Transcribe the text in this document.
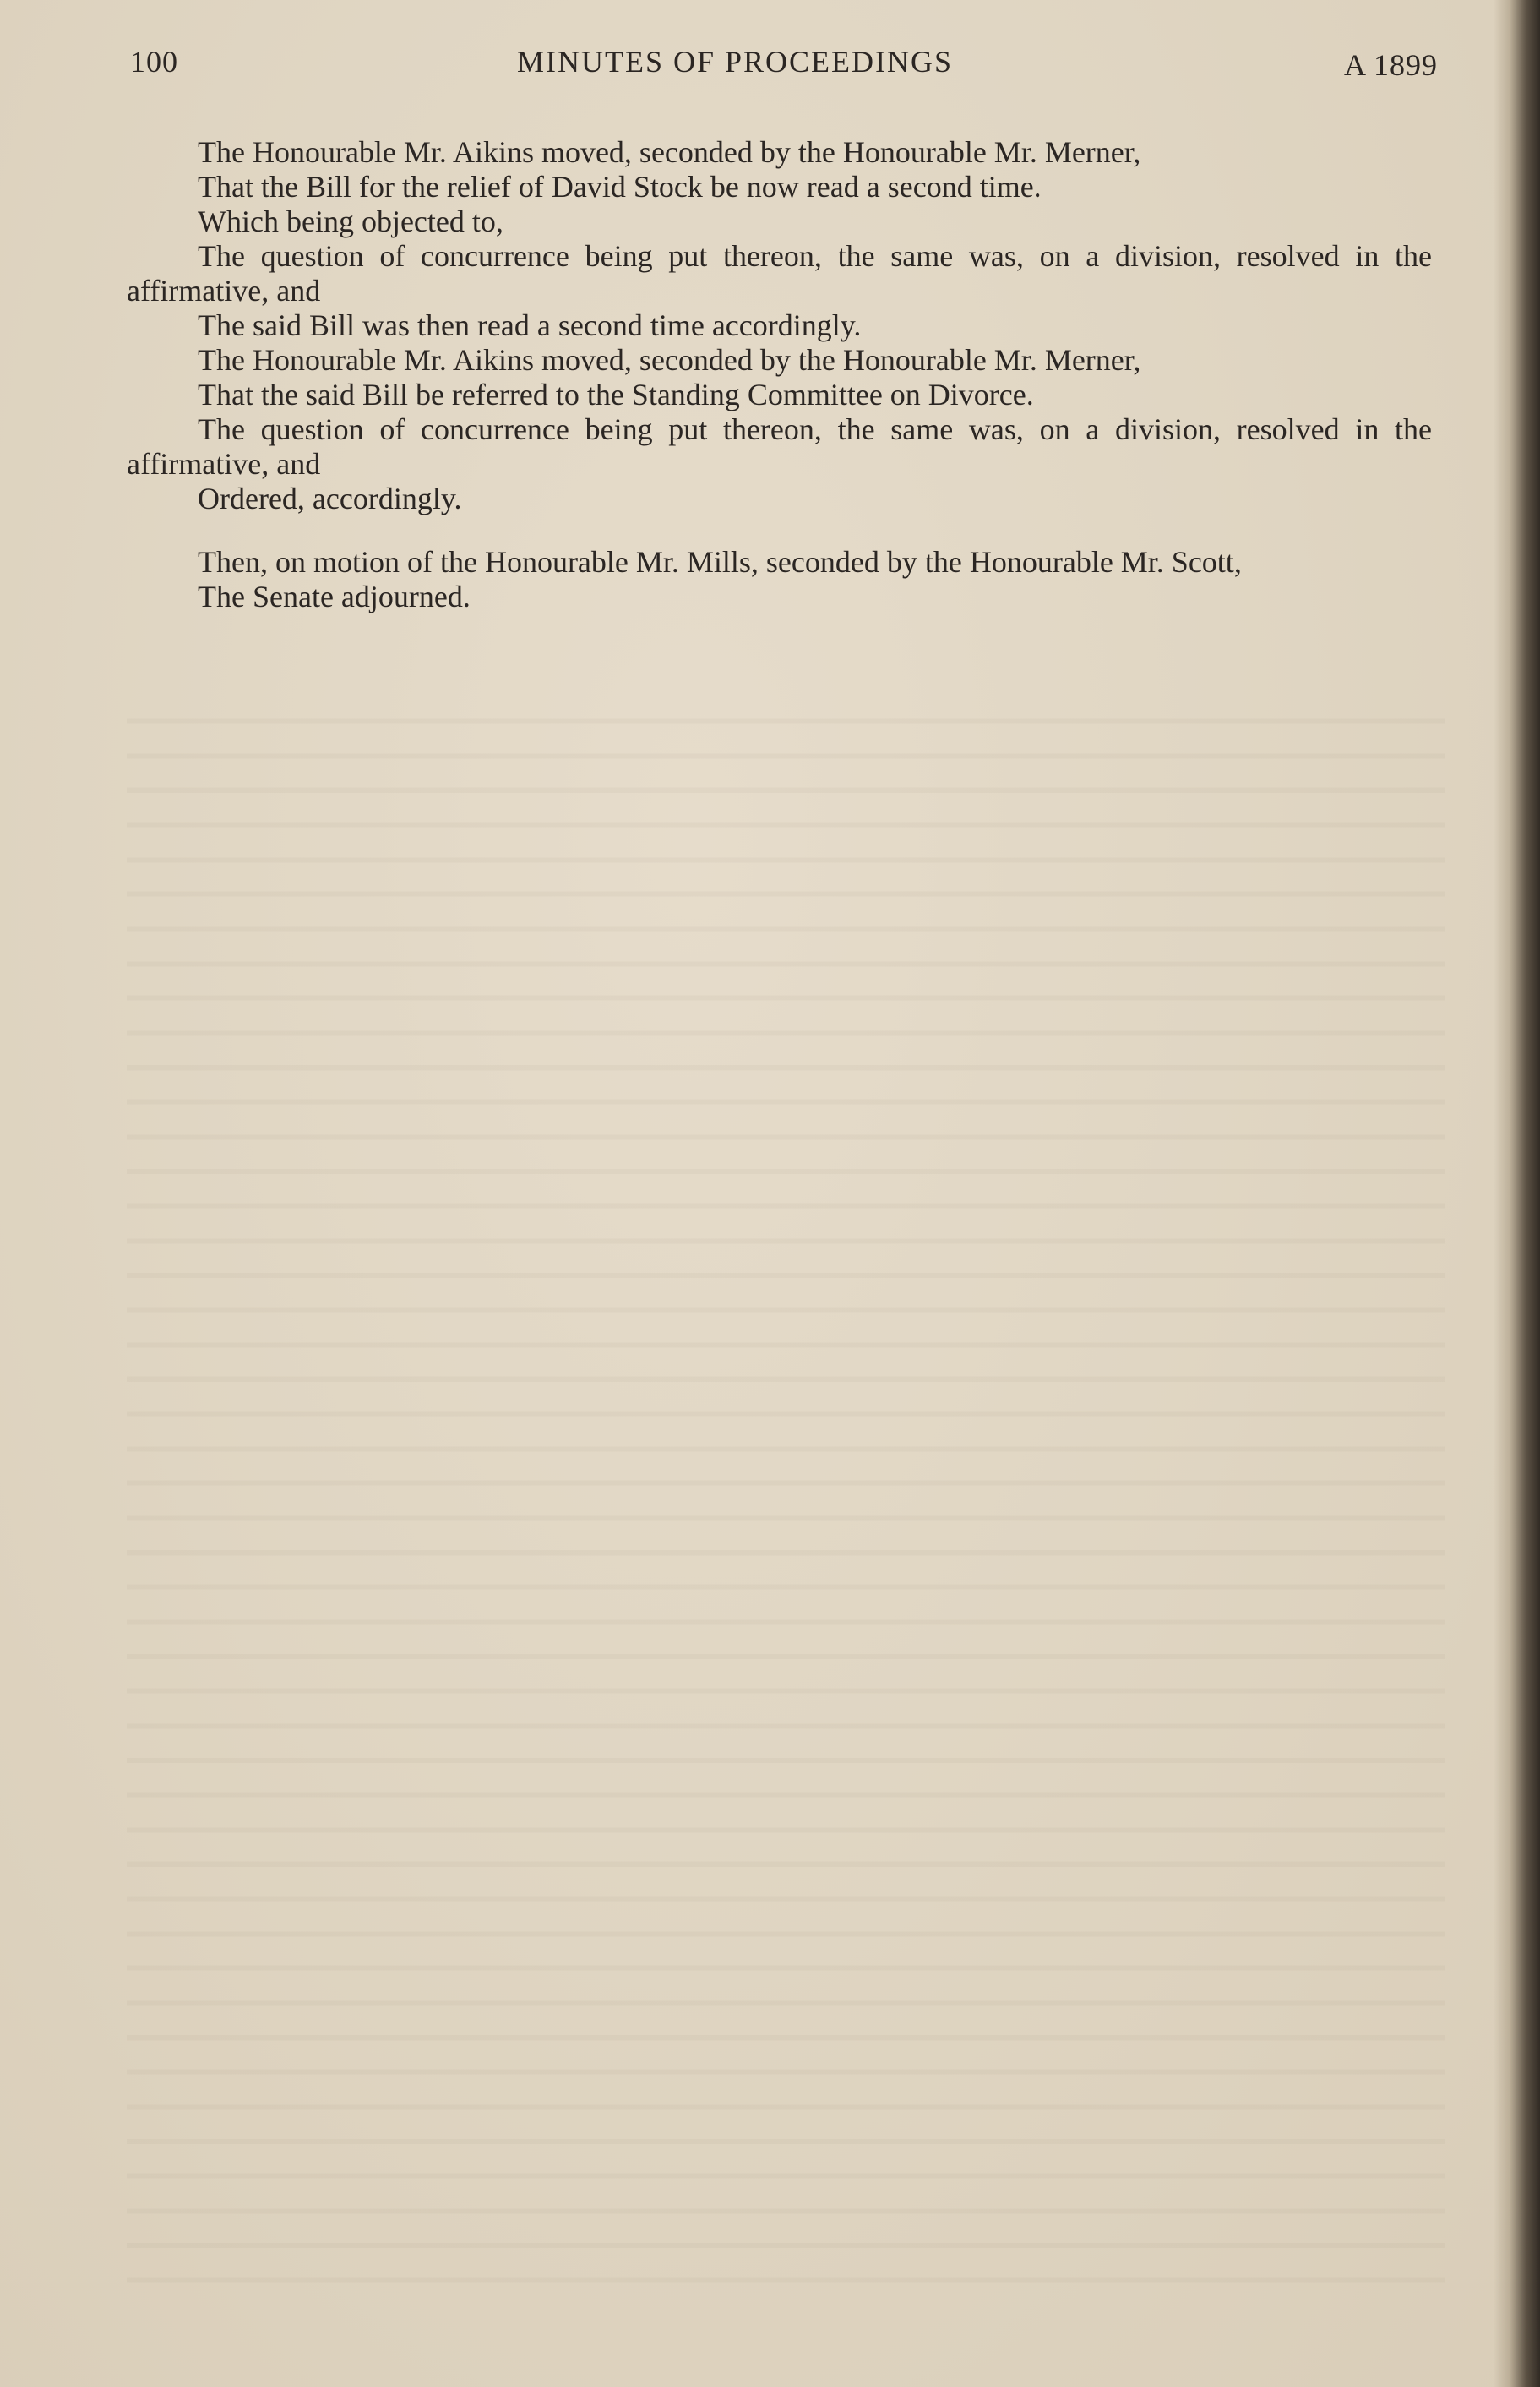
100	MINUTES OF PROCEEDINGS	A 1899

The Honourable Mr. Aikins moved, seconded by the Honourable Mr. Merner,

That the Bill for the relief of David Stock be now read a second time.

Which being objected to,

The question of concurrence being put thereon, the same was, on a division, resolved in the affirmative, and

The said Bill was then read a second time accordingly.

The Honourable Mr. Aikins moved, seconded by the Honourable Mr. Merner,

That the said Bill be referred to the Standing Committee on Divorce.

The question of concurrence being put thereon, the same was, on a division, resolved in the affirmative, and

Ordered, accordingly.

Then, on motion of the Honourable Mr. Mills, seconded by the Honourable Mr. Scott,

The Senate adjourned.
